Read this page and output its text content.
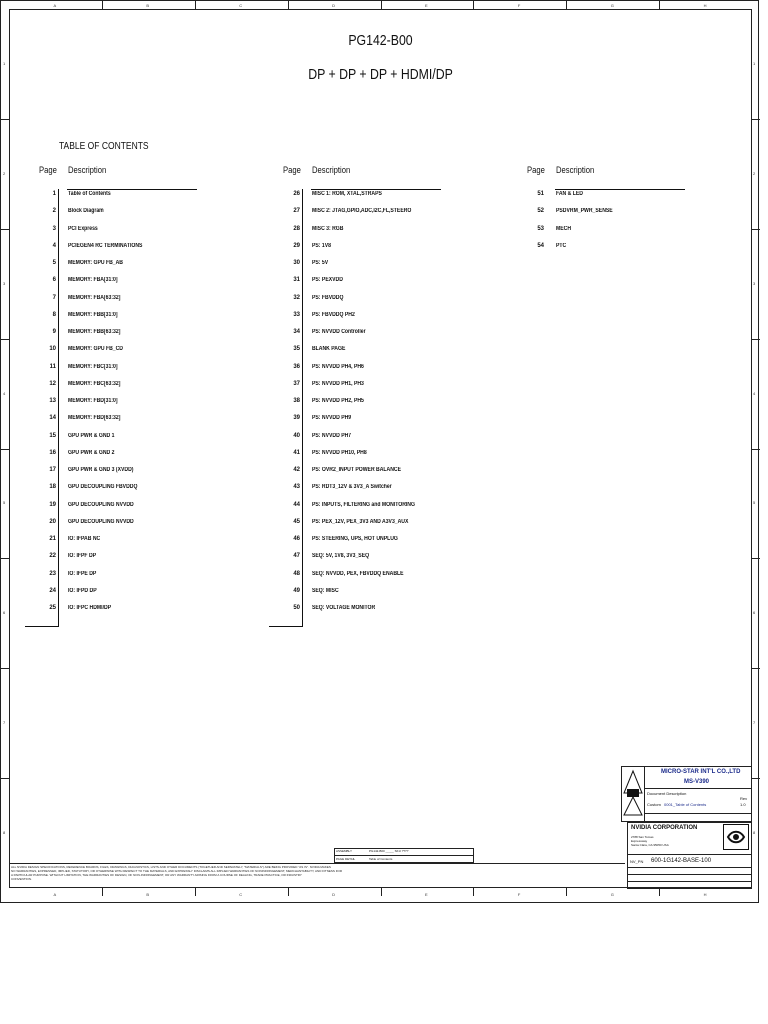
A
A
B
B
C
C
D
D
E
E
F
F
G
G
H
H
1	1
2	2
3	3
4	4
5	5
6	6
7	7
8	8
PG142-B00
DP + DP + DP + HDMI/DP
TABLE OF CONTENTS
Page Description
1 Table of Contents
2 Block Diagram
3 PCI Express
4 PCIEGEN4 RC TERMINATIONS
5 MEMORY: GPU FB_AB
6 MEMORY: FBA[31:0]
7 MEMORY: FBA[63:32]
8 MEMORY: FBB[31:0]
9 MEMORY: FBB[63:32]
10 MEMORY: GPU FB_CD
11 MEMORY: FBC[31:0]
12 MEMORY: FBC[63:32]
13 MEMORY: FBD[31:0]
14 MEMORY: FBD[63:32]
15 GPU PWR & GND 1
16 GPU PWR & GND 2
17 GPU PWR & GND 3 (XVDD)
18 GPU DECOUPLING FBVDDQ
19 GPU DECOUPLING NVVDD
20 GPU DECOUPLING NVVDD
21 IO: IFPAB NC
22 IO: IFPF DP
23 IO: IFPE DP
24 IO: IFPD DP
25 IO: IFPC HDMI/DP
Page Description
26 MISC 1: ROM, XTAL,STRAPS
27 MISC 2: JTAG,GPIO,ADC,I2C,FL,STEERO
28 MISC 3: RGB
29 PS: 1V8
30 PS: 5V
31 PS: PEXVDD
32 PS: FBVDDQ
33 PS: FBVDDQ PH2
34 PS: NVVDD Controller
35 BLANK PAGE
36 PS: NVVDD PH4, PH6
37 PS: NVVDD PH1, PH3
38 PS: NVVDD PH2, PH5
39 PS: NVVDD PH9
40 PS: NVVDD PH7
41 PS: NVVDD PH10, PH8
42 PS: OVR2_INPUT POWER BALANCE
43 PS: RDT3_12V & 3V3_A Switcher
44 PS: INPUTS, FILTERING and MONITORING
45 PS: PEX_12V, PEX_3V3 AND A3V3_AUX
46 PS: STEERING, UPS, HOT UNPLUG
47 SEQ: 5V, 1V8, 3V3_SEQ
48 SEQ: NVVDD, PEX, FBVDDQ ENABLE
49 SEQ: MISC
50 SEQ: VOLTAGE MONITOR
Page Description
51 FAN & LED
52 PSDVRM_PWR_SENSE
53 MECH
54 PTC
MICRO-STAR INT'L CO.,LTD
MS-V390
Document Description
0001_Table of Contents
Custom
Rev
1.0
NVIDIA CORPORATION
2788 San Tomas
Expressway
Santa Clara, CA 95050 USA
NV_PN 600-1G142-BASE-100
ASSEMBLY	PG142-B00 _____ SKU ????
PAGE DETAIL	Table of Contents
ALL NVIDIA DESIGN SPECIFICATIONS, REFERENCE BOARDS, FILES, DRAWINGS, DIAGNOSTICS, LISTS AND OTHER DOCUMENTS (TOGETHER AND SEPARATELY, "MATERIALS") ARE BEING PROVIDED "AS IS". NVIDIA MAKES
NO WARRANTIES, EXPRESSED, IMPLIED, STATUTORY, OR OTHERWISE WITH RESPECT TO THE MATERIALS, AND EXPRESSLY DISCLAIMS ALL IMPLIED WARRANTIES OF NONINFRINGEMENT, MERCHANTABILITY, AND FITNESS FOR
A PARTICULAR PURPOSE. WITHOUT LIMITATION, THE WARRANTIES OF DESIGN, OF NON-INFRINGEMENT, OR ANY WARRANTY ARISING FROM A COURSE OF DEALING, TRADE PRACTICE, OR INDUSTRY
CONVENTION.
